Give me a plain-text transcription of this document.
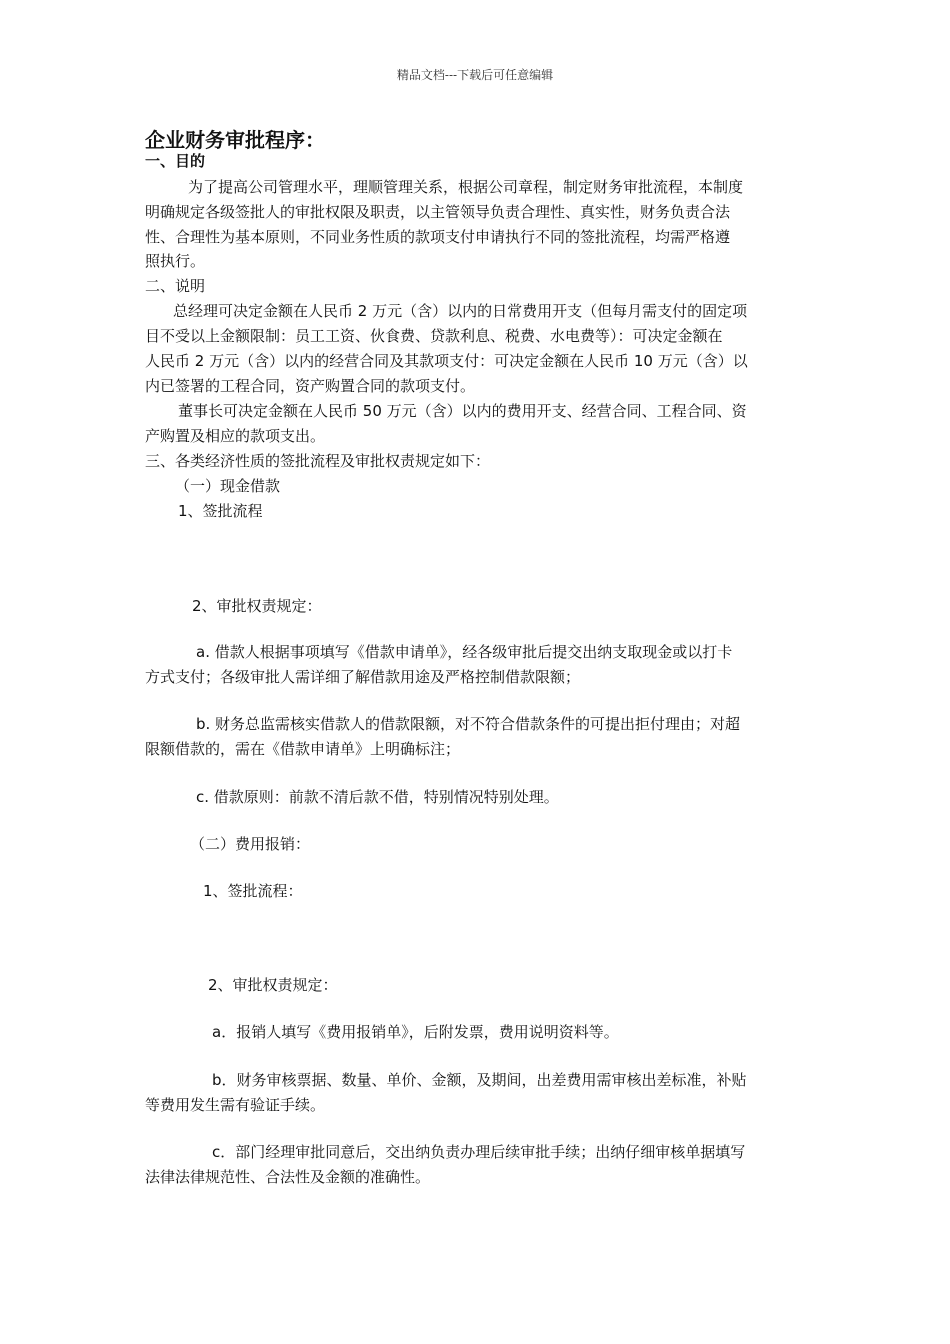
精品文档---下载后可任意编辑
企业财务审批程序：
一、目的
为了提高公司管理水平，理顺管理关系，根据公司章程，制定财务审批流程，本制度
明确规定各级签批人的审批权限及职责，以主管领导负责合理性、真实性，财务负责合法
性、合理性为基本原则，不同业务性质的款项支付申请执行不同的签批流程，均需严格遵
照执行。
二、说明
总经理可决定金额在人民币 2 万元（含）以内的日常费用开支（但每月需支付的固定项
目不受以上金额限制：员工工资、伙食费、贷款利息、税费、水电费等）：可决定金额在
人民币 2 万元（含）以内的经营合同及其款项支付：可决定金额在人民币 10 万元（含）以
内已签署的工程合同，资产购置合同的款项支付。
董事长可决定金额在人民币 50 万元（含）以内的费用开支、经营合同、工程合同、资
产购置及相应的款项支出。
三、各类经济性质的签批流程及审批权责规定如下：
（一）现金借款
1、签批流程
2、审批权责规定：
a. 借款人根据事项填写《借款申请单》，经各级审批后提交出纳支取现金或以打卡
方式支付；各级审批人需详细了解借款用途及严格控制借款限额；
b. 财务总监需核实借款人的借款限额，对不符合借款条件的可提出拒付理由；对超
限额借款的，需在《借款申请单》上明确标注；
c. 借款原则：前款不清后款不借，特别情况特别处理。
（二）费用报销：
1、签批流程：
2、审批权责规定：
a．报销人填写《费用报销单》，后附发票，费用说明资料等。
b．财务审核票据、数量、单价、金额，及期间，出差费用需审核出差标准，补贴
等费用发生需有验证手续。
c．部门经理审批同意后，交出纳负责办理后续审批手续；出纳仔细审核单据填写
法律法律规范性、合法性及金额的准确性。
